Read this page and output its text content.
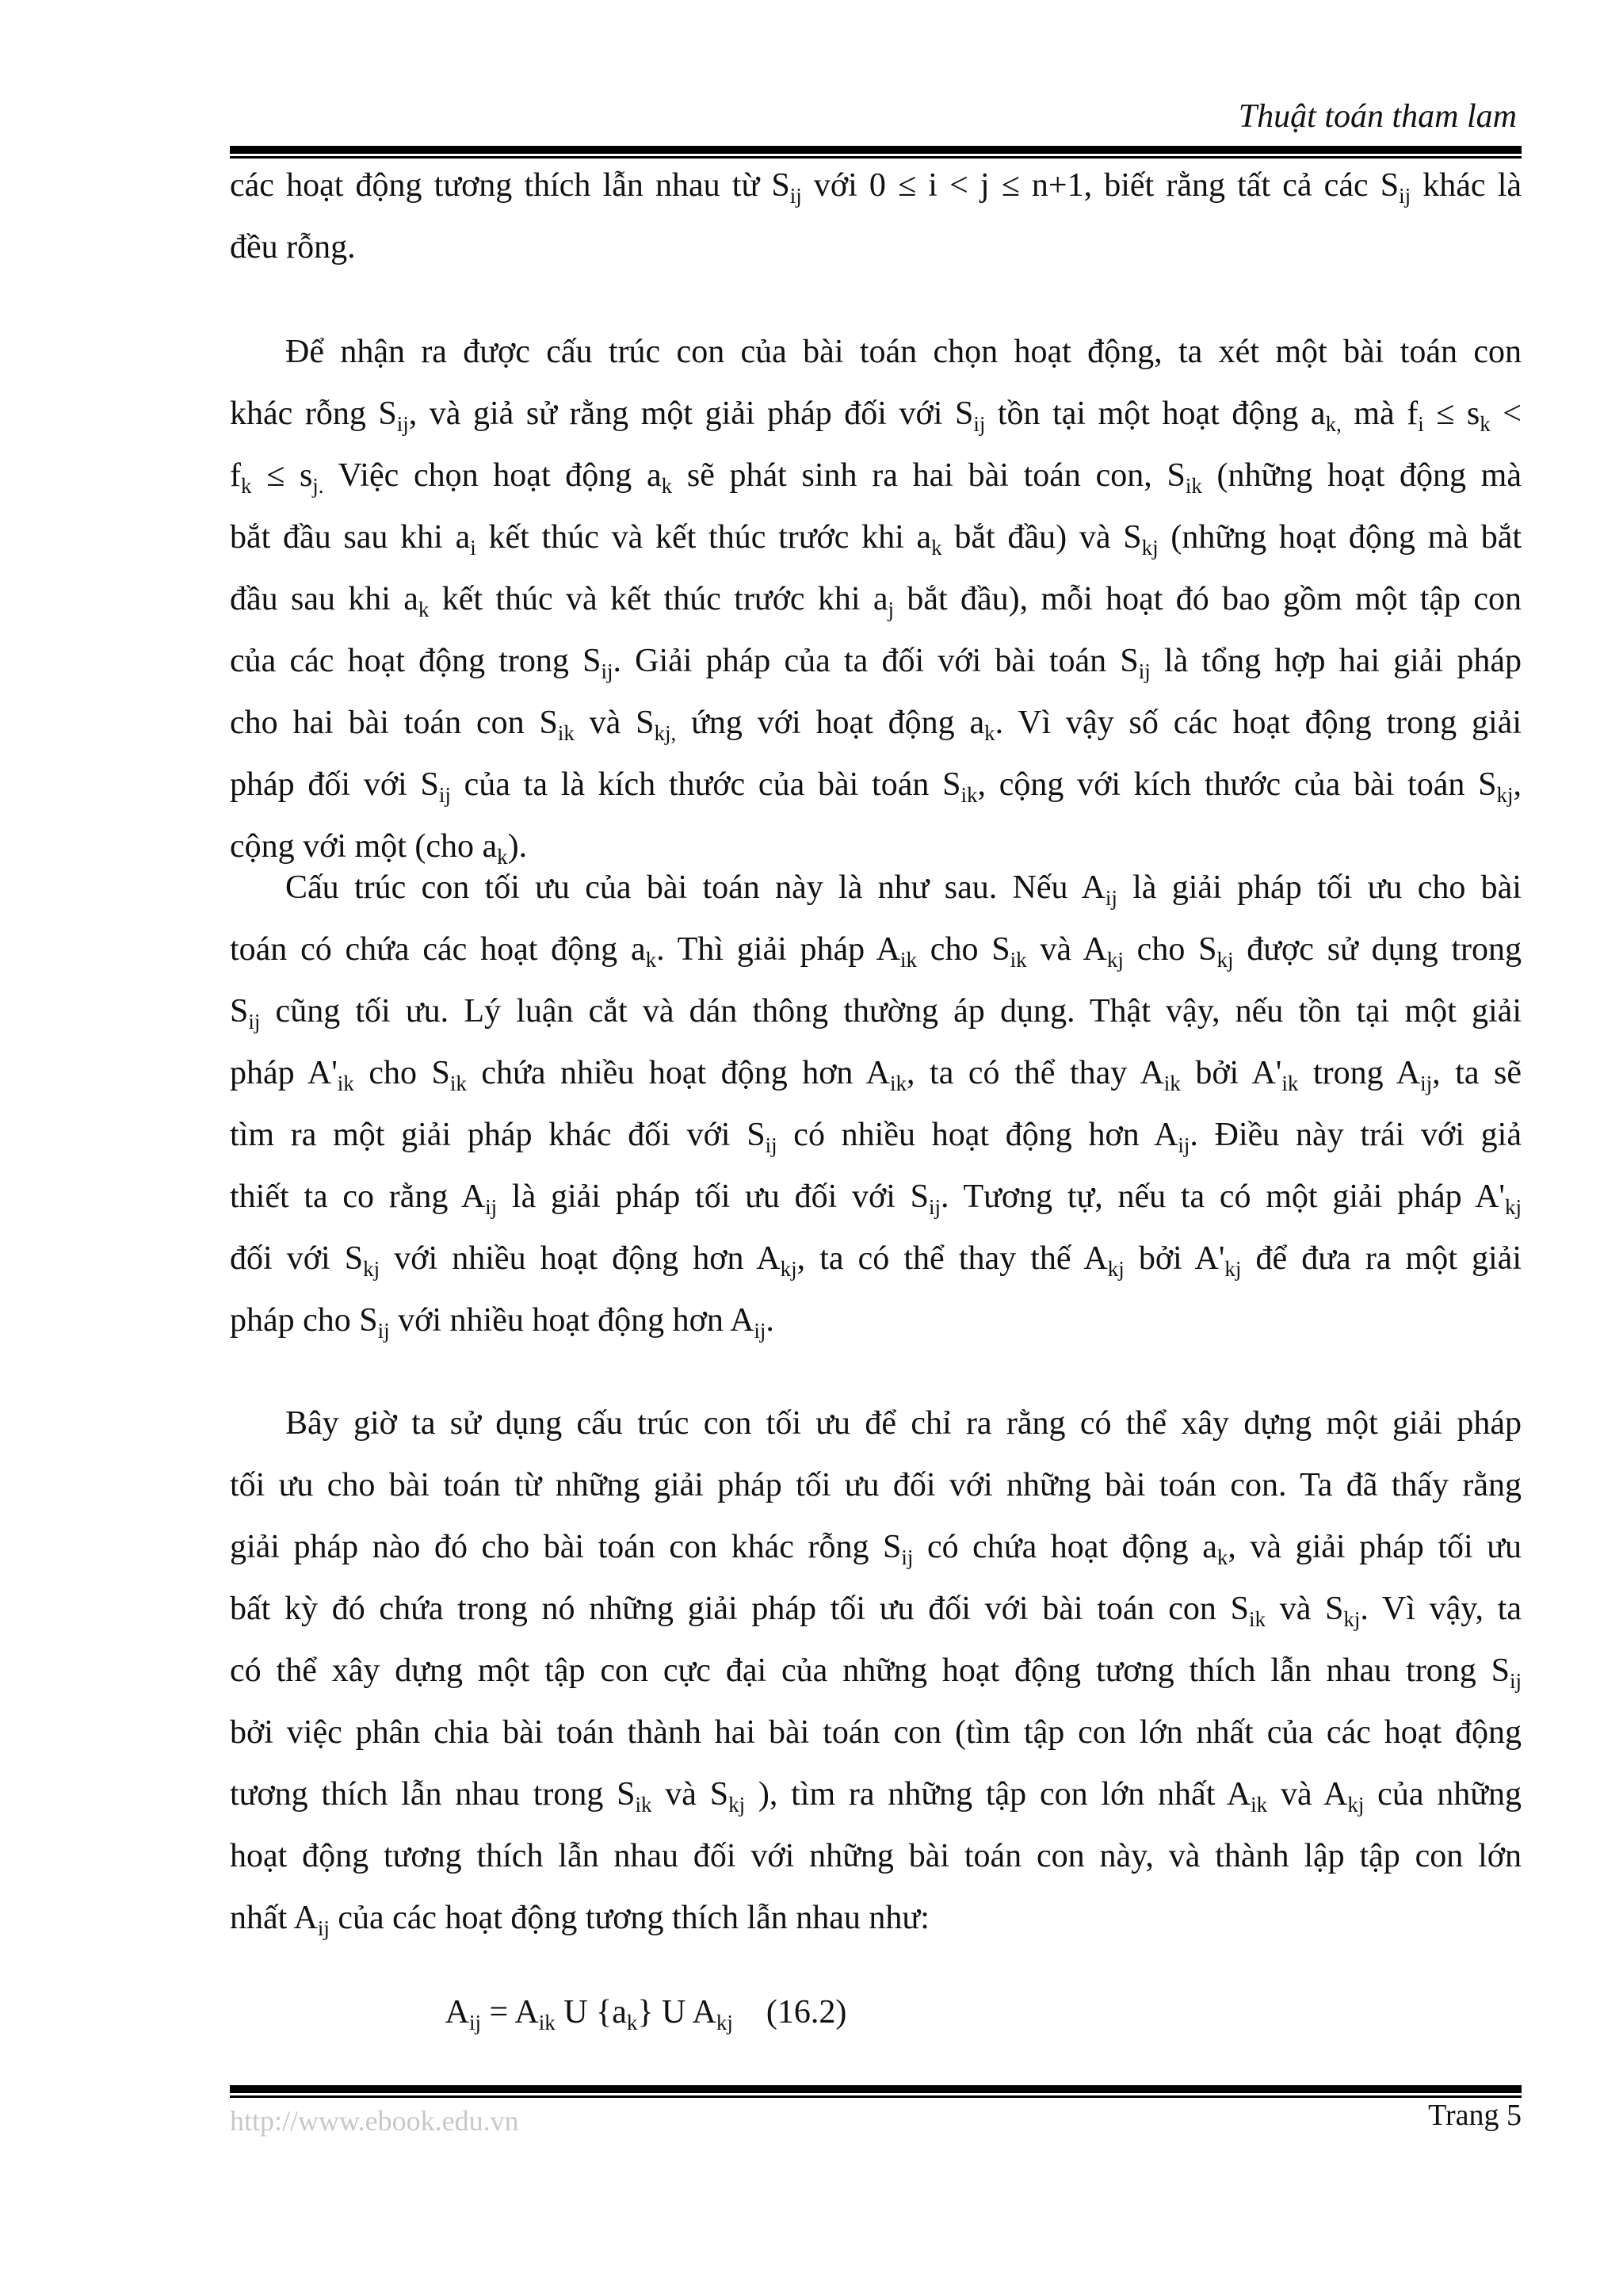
Thuật toán tham lam
các hoạt động tương thích lẫn nhau từ $S_{ij}$ với 0 ≤ i < j ≤ n+1, biết rằng tất cả các $S_{ij}$ khác là
đều rỗng.
Để nhận ra được cấu trúc con của bài toán chọn hoạt động, ta xét một bài toán con
khác rỗng $S_{ij}$, và giả sử rằng một giải pháp đối với $S_{ij}$ tồn tại một hoạt động $a_{k,}$ mà $f_i \le s_k$ <
$f_k \le s_{j.}$ Việc chọn hoạt động $a_k$ sẽ phát sinh ra hai bài toán con, $S_{ik}$ (những hoạt động mà
bắt đầu sau khi $a_i$ kết thúc và kết thúc trước khi $a_k$ bắt đầu) và $S_{kj}$ (những hoạt động mà bắt
đầu sau khi $a_k$ kết thúc và kết thúc trước khi $a_j$ bắt đầu), mỗi hoạt đó bao gồm một tập con
của các hoạt động trong $S_{ij}$. Giải pháp của ta đối với bài toán $S_{ij}$ là tổng hợp hai giải pháp
cho hai bài toán con $S_{ik}$ và $S_{kj,}$ ứng với hoạt động $a_k$. Vì vậy số các hoạt động trong giải
pháp đối với $S_{ij}$ của ta là kích thước của bài toán $S_{ik}$, cộng với kích thước của bài toán $S_{kj}$,
cộng với một (cho $a_k$).
Cấu trúc con tối ưu của bài toán này là như sau. Nếu $A_{ij}$ là giải pháp tối ưu cho bài
toán có chứa các hoạt động $a_k$. Thì giải pháp $A_{ik}$ cho $S_{ik}$ và $A_{kj}$ cho $S_{kj}$ được sử dụng trong
$S_{ij}$ cũng tối ưu. Lý luận cắt và dán thông thường áp dụng. Thật vậy, nếu tồn tại một giải
pháp $A'_{ik}$ cho $S_{ik}$ chứa nhiều hoạt động hơn $A_{ik}$, ta có thể thay $A_{ik}$ bởi $A'_{ik}$ trong $A_{ij}$, ta sẽ
tìm ra một giải pháp khác đối với $S_{ij}$ có nhiều hoạt động hơn $A_{ij}$. Điều này trái với giả
thiết ta co rằng $A_{ij}$ là giải pháp tối ưu đối với $S_{ij}$. Tương tự, nếu ta có một giải pháp $A'_{kj}$
đối với $S_{kj}$ với nhiều hoạt động hơn $A_{kj}$, ta có thể thay thế $A_{kj}$ bởi $A'_{kj}$ để đưa ra một giải
pháp cho $S_{ij}$ với nhiều hoạt động hơn $A_{ij}$.
Bây giờ ta sử dụng cấu trúc con tối ưu để chỉ ra rằng có thể xây dựng một giải pháp
tối ưu cho bài toán từ những giải pháp tối ưu đối với những bài toán con. Ta đã thấy rằng
giải pháp nào đó cho bài toán con khác rỗng $S_{ij}$ có chứa hoạt động $a_k$, và giải pháp tối ưu
bất kỳ đó chứa trong nó những giải pháp tối ưu đối với bài toán con $S_{ik}$ và $S_{kj}$. Vì vậy, ta
có thể xây dựng một tập con cực đại của những hoạt động tương thích lẫn nhau trong $S_{ij}$
bởi việc phân chia bài toán thành hai bài toán con (tìm tập con lớn nhất của các hoạt động
tương thích lẫn nhau trong $S_{ik}$ và $S_{kj}$ ), tìm ra những tập con lớn nhất $A_{ik}$ và $A_{kj}$ của những
hoạt động tương thích lẫn nhau đối với những bài toán con này, và thành lập tập con lớn
nhất $A_{ij}$ của các hoạt động tương thích lẫn nhau như:
$A_{ij} = A_{ik}$ U $\{a_k\}$ U $A_{kj}$    (16.2)
http://www.ebook.edu.vn	Trang 5
